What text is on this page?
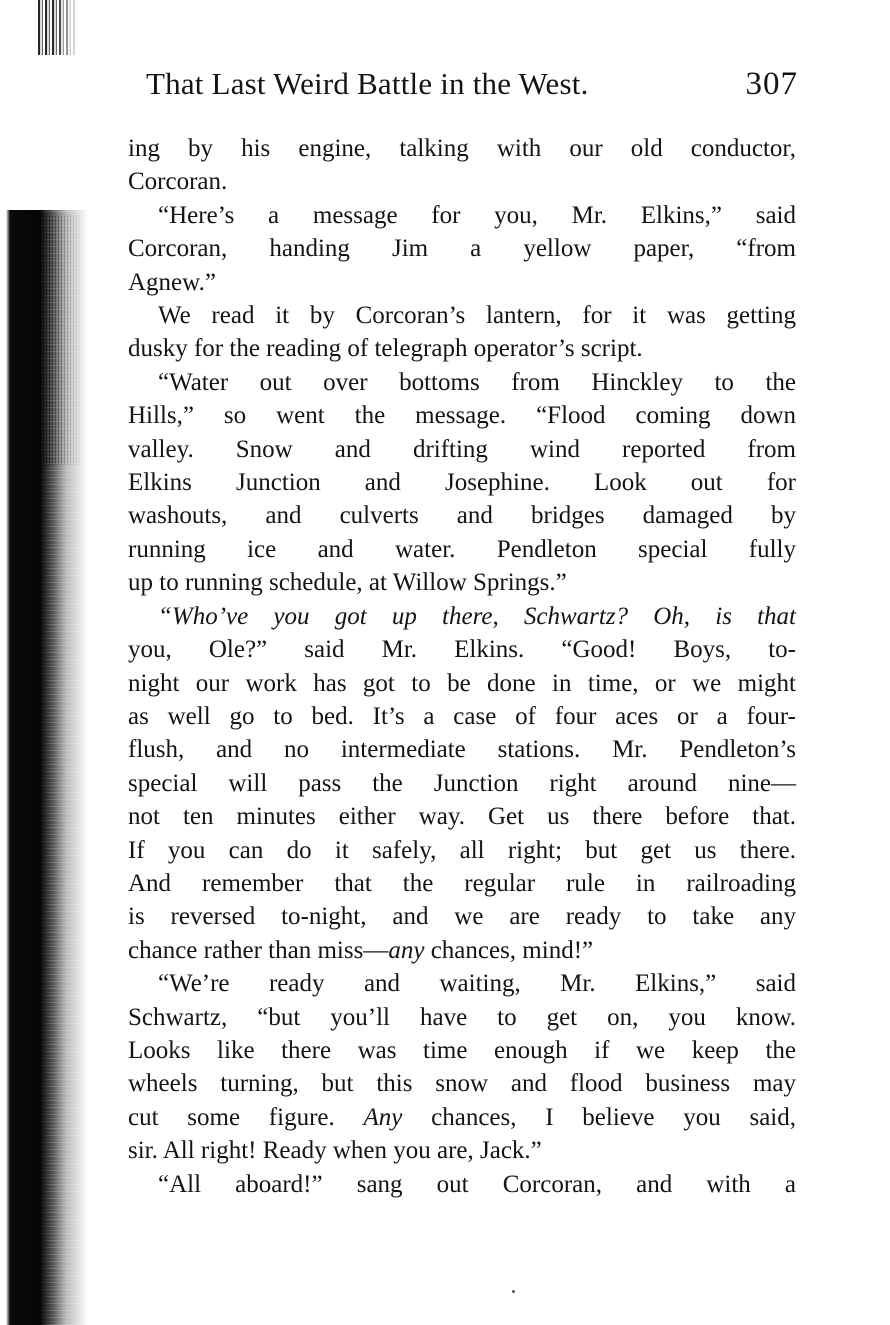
That Last Weird Battle in the West.	307

ing by his engine, talking with our old conductor,

Corcoran.

“Here’s a message for you, Mr. Elkins,” said

Corcoran, handing Jim a yellow paper, “from

Agnew.”

We read it by Corcoran’s lantern, for it was getting

dusky for the reading of telegraph operator’s script.

“Water out over bottoms from Hinckley to the

Hills,” so went the message. “Flood coming down

valley. Snow and drifting wind reported from

Elkins Junction and Josephine. Look out for

washouts, and culverts and bridges damaged by

running ice and water. Pendleton special fully

up to running schedule, at Willow Springs.”

“Who’ve you got up there, Schwartz? Oh, is that

you, Ole?” said Mr. Elkins. “Good! Boys, to-

night our work has got to be done in time, or we might

as well go to bed. It’s a case of four aces or a four-

flush, and no intermediate stations. Mr. Pendleton’s

special will pass the Junction right around nine—

not ten minutes either way. Get us there before that.

If you can do it safely, all right; but get us there.

And remember that the regular rule in railroading

is reversed to-night, and we are ready to take any

chance rather than miss—any chances, mind!”

“We’re ready and waiting, Mr. Elkins,” said

Schwartz, “but you’ll have to get on, you know.

Looks like there was time enough if we keep the

wheels turning, but this snow and flood business may

cut some figure. Any chances, I believe you said,

sir. All right! Ready when you are, Jack.”

“All aboard!” sang out Corcoran, and with a
